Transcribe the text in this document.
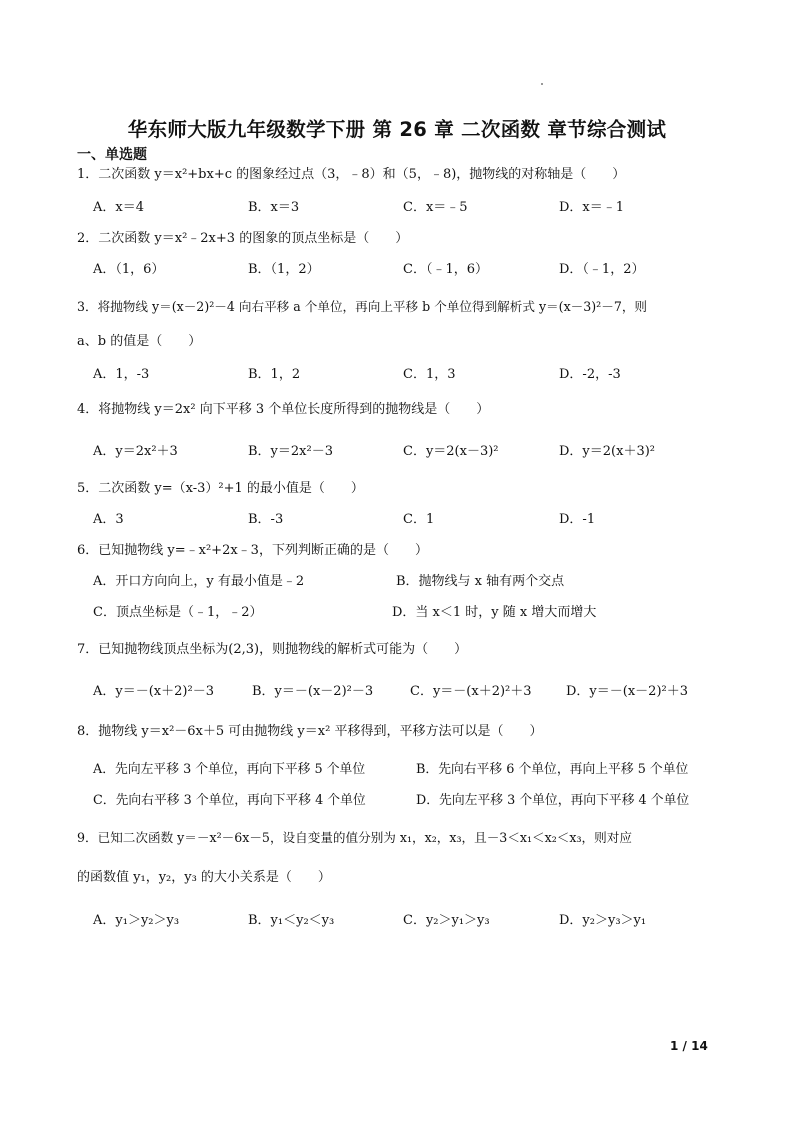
华东师大版九年级数学下册 第 26 章 二次函数 章节综合测试
一、单选题
1．二次函数 y＝x²+bx+c 的图象经过点（3，﹣8）和（5，﹣8)，抛物线的对称轴是（　　）
A．x＝4	B．x＝3	C．x＝﹣5	D．x＝﹣1
2．二次函数 y＝x²﹣2x+3 的图象的顶点坐标是（　　）
A．（1，6）	B．（1，2）	C．（﹣1，6）	D．（﹣1，2）
3．将抛物线 y＝(x－2)²－4 向右平移 a 个单位，再向上平移 b 个单位得到解析式 y＝(x－3)²－7，则
a、b 的值是（　　）
A．1，-3	B．1，2	C．1，3	D．-2，-3
4．将抛物线 y＝2x² 向下平移 3 个单位长度所得到的抛物线是（　　）
A．y＝2x²＋3	B．y＝2x²－3	C．y＝2(x－3)²	D．y＝2(x＋3)²
5．二次函数 y=（x-3）²+1 的最小值是（　　）
A．3	B．-3	C．1	D．-1
6．已知抛物线 y=﹣x²+2x﹣3，下列判断正确的是（　　）
A．开口方向向上，y 有最小值是﹣2	B．抛物线与 x 轴有两个交点
C．顶点坐标是（﹣1，﹣2）	D．当 x＜1 时，y 随 x 增大而增大
7．已知抛物线顶点坐标为(2,3)，则抛物线的解析式可能为（　　）
A．y＝－(x＋2)²－3	B．y＝－(x－2)²－3	C．y＝－(x＋2)²＋3	D．y＝－(x－2)²＋3
8．抛物线 y＝x²－6x＋5 可由抛物线 y＝x² 平移得到，平移方法可以是（　　）
A．先向左平移 3 个单位，再向下平移 5 个单位	B．先向右平移 6 个单位，再向上平移 5 个单位
C．先向右平移 3 个单位，再向下平移 4 个单位	D．先向左平移 3 个单位，再向下平移 4 个单位
9．已知二次函数 y＝－x²－6x－5，设自变量的值分别为 x₁，x₂，x₃，且－3＜x₁＜x₂＜x₃，则对应
的函数值 y₁，y₂，y₃ 的大小关系是（　　）
A．y₁＞y₂＞y₃	B．y₁＜y₂＜y₃	C．y₂＞y₁＞y₃	D．y₂＞y₃＞y₁
1 / 14
